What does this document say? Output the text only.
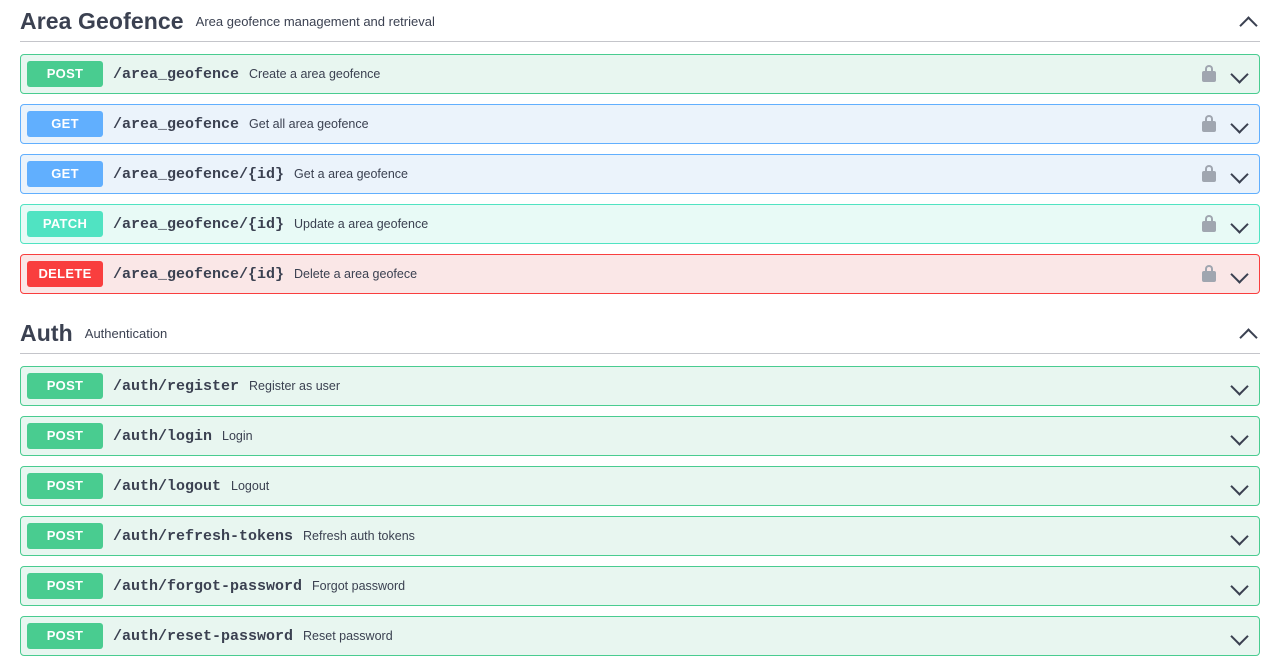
Area Geofence Area geofence management and retrieval
POST	/area_geofence Create a area geofence
GET	/area_geofence Get all area geofence
GET	/area_geofence/{id} Get a area geofence
PATCH	/area_geofence/{id} Update a area geofence
DELETE	/area_geofence/{id} Delete a area geofece
Auth Authentication
POST	/auth/register Register as user
POST	/auth/login Login
POST	/auth/logout Logout
POST	/auth/refresh-tokens Refresh auth tokens
POST	/auth/forgot-password Forgot password
POST	/auth/reset-password Reset password
